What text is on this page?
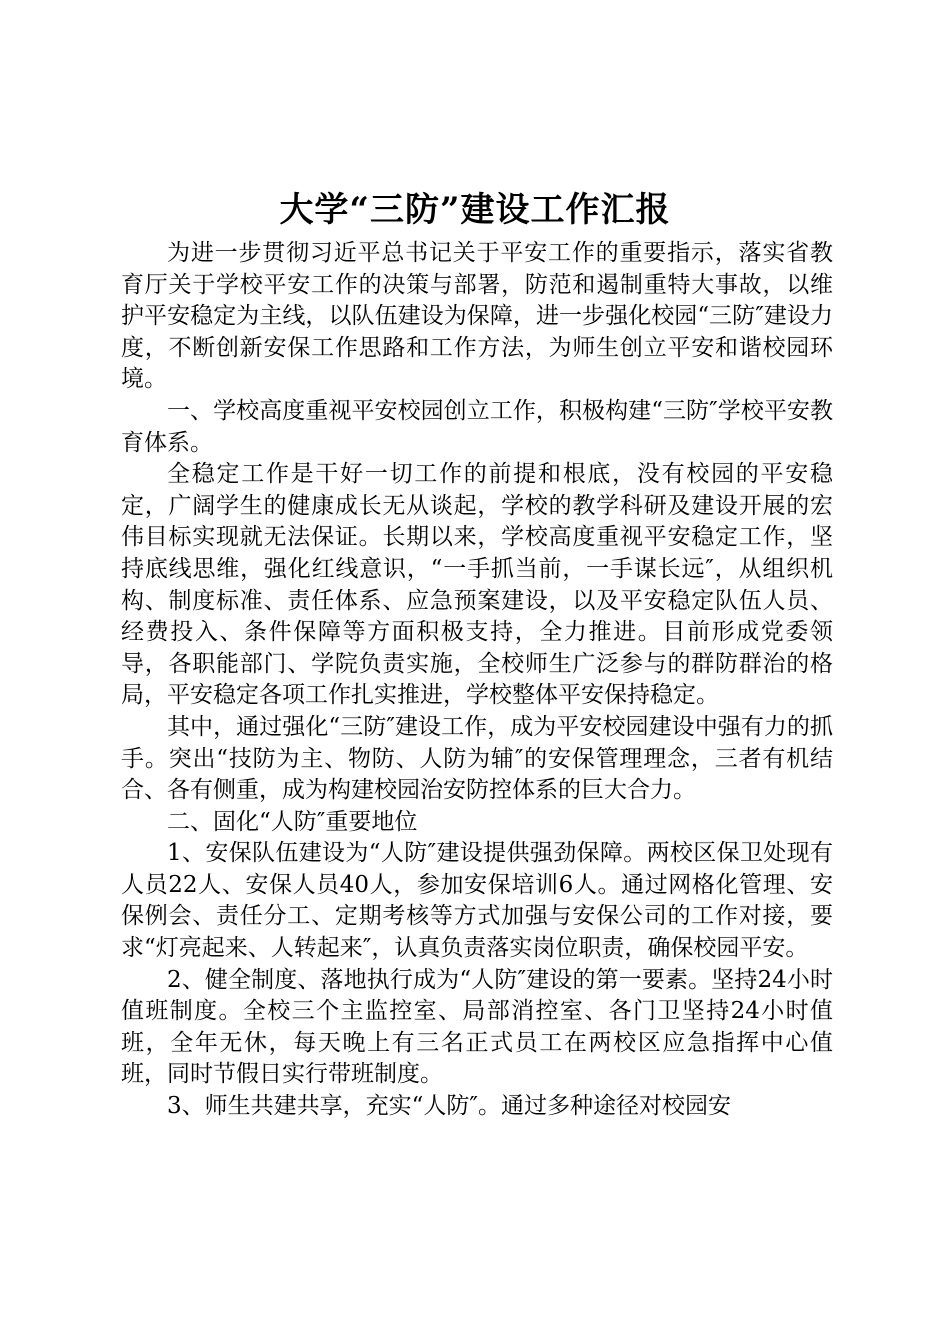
大学“三防”建设工作汇报

为进一步贯彻习近平总书记关于平安工作的重要指示，落实省教育厅关于学校平安工作的决策与部署，防范和遏制重特大事故，以维护平安稳定为主线，以队伍建设为保障，进一步强化校园“三防″建设力度，不断创新安保工作思路和工作方法，为师生创立平安和谐校园环境。

一、学校高度重视平安校园创立工作，积极构建“三防″学校平安教育体系。

全稳定工作是干好一切工作的前提和根底，没有校园的平安稳定，广阔学生的健康成长无从谈起，学校的教学科研及建设开展的宏伟目标实现就无法保证。长期以来，学校高度重视平安稳定工作，坚持底线思维，强化红线意识，“一手抓当前，一手谋长远″，从组织机构、制度标准、责任体系、应急预案建设，以及平安稳定队伍人员、经费投入、条件保障等方面积极支持，全力推进。目前形成党委领导，各职能部门、学院负责实施，全校师生广泛参与的群防群治的格局，平安稳定各项工作扎实推进，学校整体平安保持稳定。

其中，通过强化“三防″建设工作，成为平安校园建设中强有力的抓手。突出“技防为主、物防、人防为辅″的安保管理理念，三者有机结合、各有侧重，成为构建校园治安防控体系的巨大合力。

二、固化“人防″重要地位

1、安保队伍建设为“人防″建设提供强劲保障。两校区保卫处现有人员22人、安保人员40人，参加安保培训6人。通过网格化管理、安保例会、责任分工、定期考核等方式加强与安保公司的工作对接，要求“灯亮起来、人转起来″，认真负责落实岗位职责，确保校园平安。

2、健全制度、落地执行成为“人防″建设的第一要素。坚持24小时值班制度。全校三个主监控室、局部消控室、各门卫坚持24小时值班，全年无休，每天晚上有三名正式员工在两校区应急指挥中心值班，同时节假日实行带班制度。

3、师生共建共享，充实“人防″。通过多种途径对校园安
